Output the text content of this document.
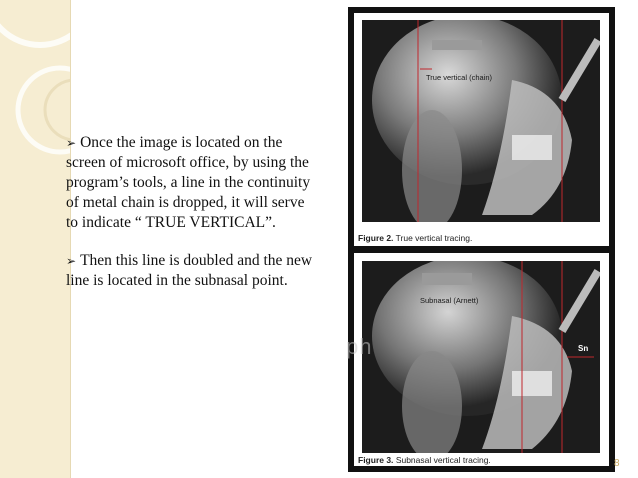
➢ Once the image is located on the screen of microsoft office, by using the program’s tools, a line in the continuity of metal chain is dropped, it will serve to indicate “ TRUE VERTICAL”.

➢ Then this line is doubled and the new line is located in the subnasal point.

True vertical (chain)
Figure 2. True vertical tracing.
Subnasal (Arnett)
Sn
Figure 3. Subnasal vertical tracing.
ph
8
